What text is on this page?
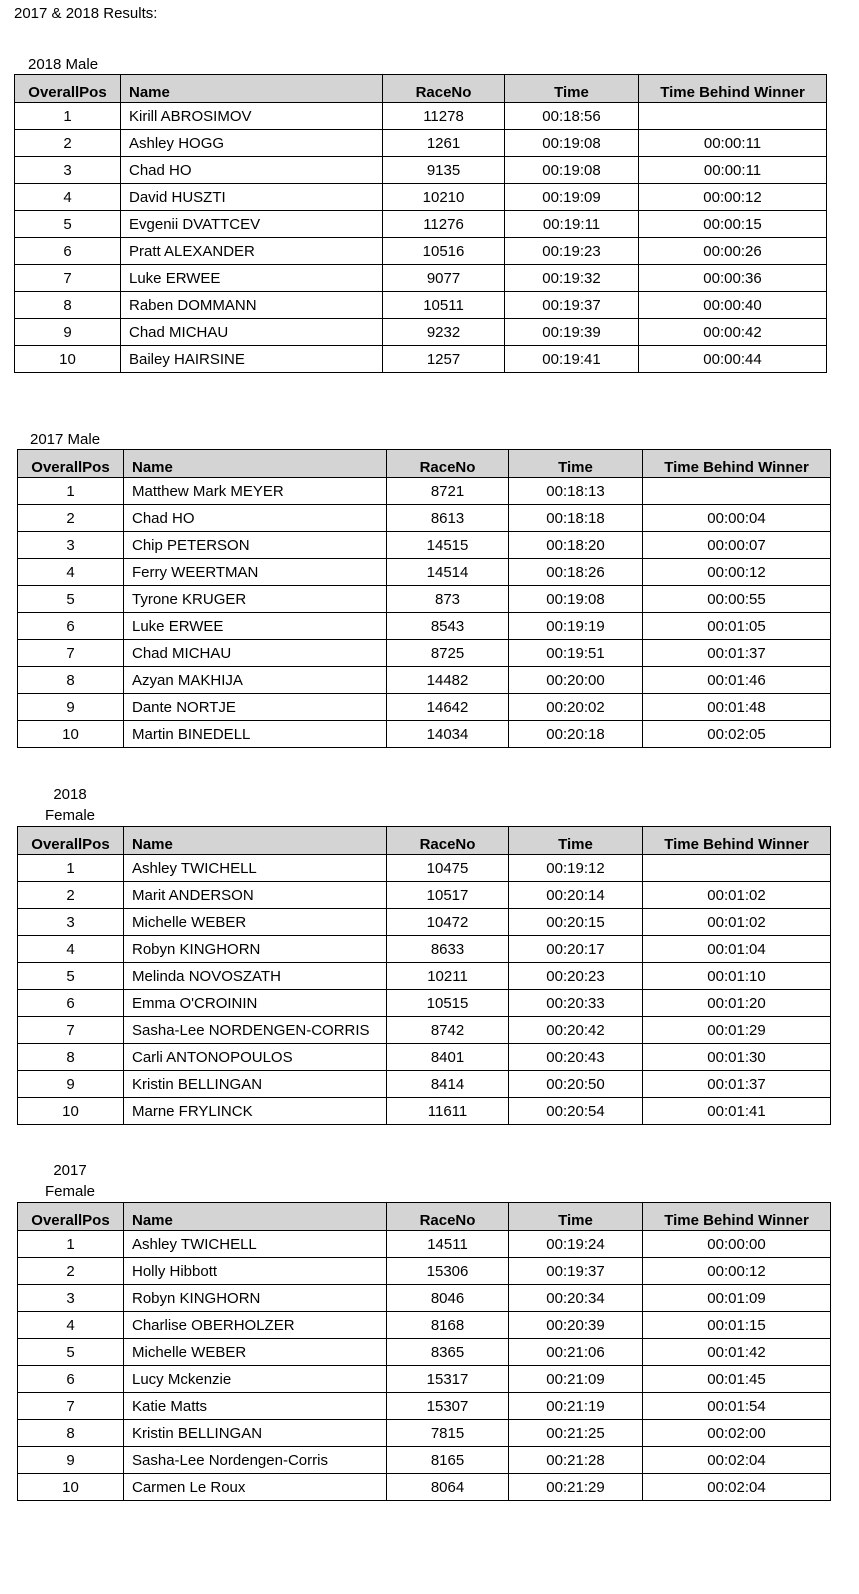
2017 & 2018 Results:
2018 Male
OverallPos	Name	RaceNo	Time	Time Behind Winner
1	Kirill ABROSIMOV	11278	00:18:56	
2	Ashley HOGG	1261	00:19:08	00:00:11
3	Chad HO	9135	00:19:08	00:00:11
4	David HUSZTI	10210	00:19:09	00:00:12
5	Evgenii DVATTCEV	11276	00:19:11	00:00:15
6	Pratt ALEXANDER	10516	00:19:23	00:00:26
7	Luke ERWEE	9077	00:19:32	00:00:36
8	Raben DOMMANN	10511	00:19:37	00:00:40
9	Chad MICHAU	9232	00:19:39	00:00:42
10	Bailey HAIRSINE	1257	00:19:41	00:00:44
2017 Male
OverallPos	Name	RaceNo	Time	Time Behind Winner
1	Matthew Mark MEYER	8721	00:18:13	
2	Chad HO	8613	00:18:18	00:00:04
3	Chip PETERSON	14515	00:18:20	00:00:07
4	Ferry WEERTMAN	14514	00:18:26	00:00:12
5	Tyrone KRUGER	873	00:19:08	00:00:55
6	Luke ERWEE	8543	00:19:19	00:01:05
7	Chad MICHAU	8725	00:19:51	00:01:37
8	Azyan MAKHIJA	14482	00:20:00	00:01:46
9	Dante NORTJE	14642	00:20:02	00:01:48
10	Martin BINEDELL	14034	00:20:18	00:02:05
2018
Female
OverallPos	Name	RaceNo	Time	Time Behind Winner
1	Ashley TWICHELL	10475	00:19:12	
2	Marit ANDERSON	10517	00:20:14	00:01:02
3	Michelle WEBER	10472	00:20:15	00:01:02
4	Robyn KINGHORN	8633	00:20:17	00:01:04
5	Melinda NOVOSZATH	10211	00:20:23	00:01:10
6	Emma O'CROININ	10515	00:20:33	00:01:20
7	Sasha-Lee NORDENGEN-CORRIS	8742	00:20:42	00:01:29
8	Carli ANTONOPOULOS	8401	00:20:43	00:01:30
9	Kristin BELLINGAN	8414	00:20:50	00:01:37
10	Marne FRYLINCK	11611	00:20:54	00:01:41
2017
Female
OverallPos	Name	RaceNo	Time	Time Behind Winner
1	Ashley TWICHELL	14511	00:19:24	00:00:00
2	Holly Hibbott	15306	00:19:37	00:00:12
3	Robyn KINGHORN	8046	00:20:34	00:01:09
4	Charlise OBERHOLZER	8168	00:20:39	00:01:15
5	Michelle WEBER	8365	00:21:06	00:01:42
6	Lucy Mckenzie	15317	00:21:09	00:01:45
7	Katie Matts	15307	00:21:19	00:01:54
8	Kristin BELLINGAN	7815	00:21:25	00:02:00
9	Sasha-Lee Nordengen-Corris	8165	00:21:28	00:02:04
10	Carmen Le Roux	8064	00:21:29	00:02:04
